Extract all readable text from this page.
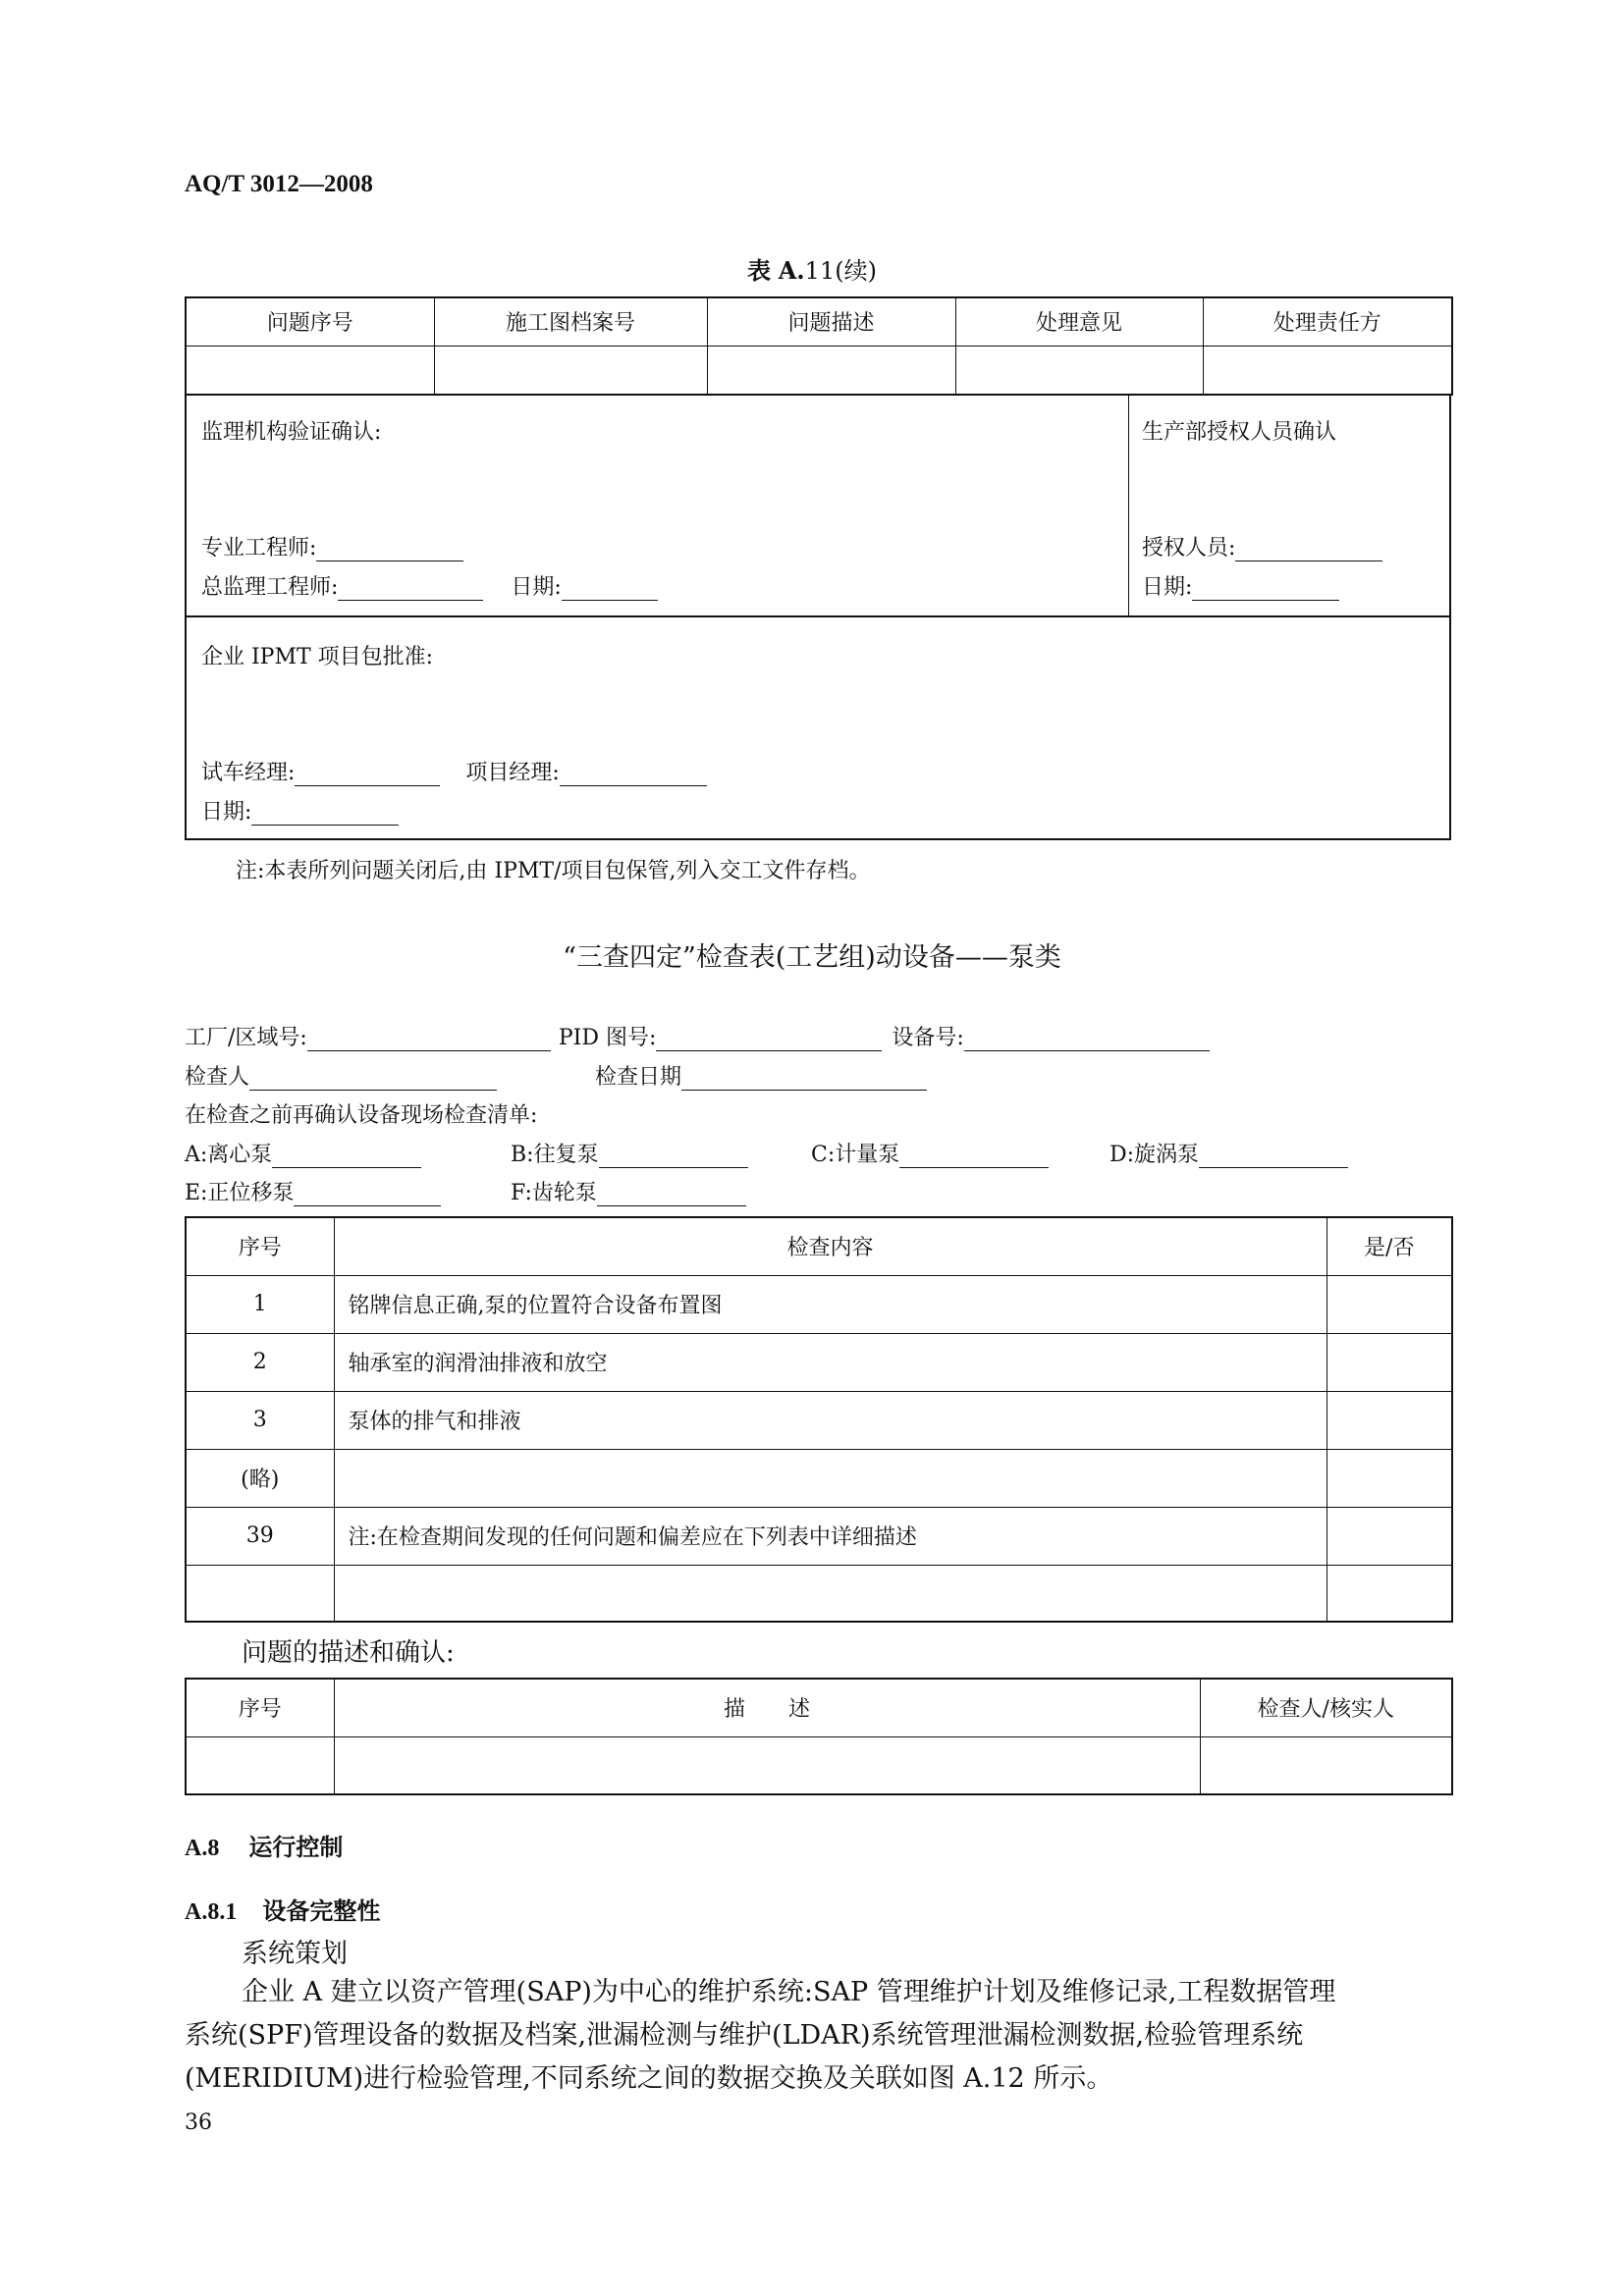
AQ/T 3012—2008
表 A.11(续)
问题序号	施工图档案号	问题描述	处理意见	处理责任方

监理机构验证确认:
专业工程师:
总监理工程师:	日期:
生产部授权人员确认
授权人员:
日期:
企业 IPMT 项目包批准:
试车经理:	项目经理:
日期:
注:本表所列问题关闭后,由 IPMT/项目包保管,列入交工文件存档。
“三查四定”检查表(工艺组)动设备——泵类
工厂/区域号:	PID 图号:	设备号:
检查人	检查日期
在检查之前再确认设备现场检查清单:
A:离心泵	B:往复泵	C:计量泵	D:旋涡泵
E:正位移泵	F:齿轮泵
序号	检查内容	是/否
1	铭牌信息正确,泵的位置符合设备布置图	
2	轴承室的润滑油排液和放空	
3	泵体的排气和排液	
(略)		
39	注:在检查期间发现的任何问题和偏差应在下列表中详细描述	

问题的描述和确认:
序号	描　　述	检查人/核实人

A.8 运行控制
A.8.1 设备完整性
系统策划
企业 A 建立以资产管理(SAP)为中心的维护系统:SAP 管理维护计划及维修记录,工程数据管理
系统(SPF)管理设备的数据及档案,泄漏检测与维护(LDAR)系统管理泄漏检测数据,检验管理系统
(MERIDIUM)进行检验管理,不同系统之间的数据交换及关联如图 A.12 所示。
36
